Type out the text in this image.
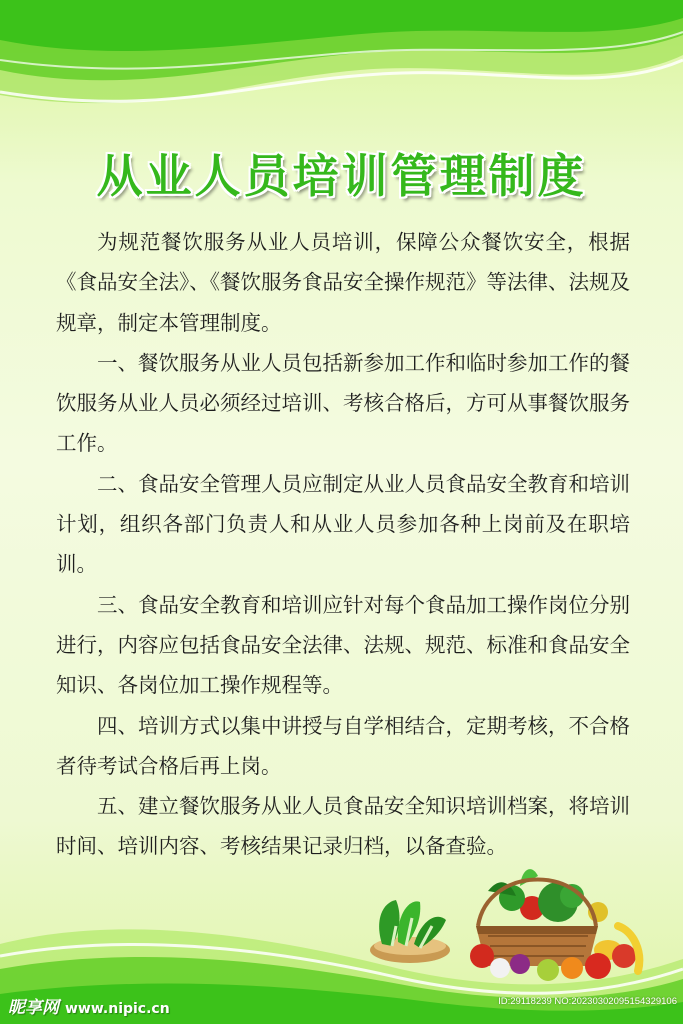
从业人员培训管理制度

为规范餐饮服务从业人员培训，保障公众餐饮安全，根据《食品安全法》、《餐饮服务食品安全操作规范》等法律、法规及规章，制定本管理制度。

一、餐饮服务从业人员包括新参加工作和临时参加工作的餐饮服务从业人员必须经过培训、考核合格后，方可从事餐饮服务工作。

二、食品安全管理人员应制定从业人员食品安全教育和培训计划，组织各部门负责人和从业人员参加各种上岗前及在职培训。

三、食品安全教育和培训应针对每个食品加工操作岗位分别进行，内容应包括食品安全法律、法规、规范、标准和食品安全知识、各岗位加工操作规程等。

四、培训方式以集中讲授与自学相结合，定期考核，不合格者待考试合格后再上岗。

五、建立餐饮服务从业人员食品安全知识培训档案，将培训时间、培训内容、考核结果记录归档，以备查验。

昵享网 www.nipic.cn	ID:29118239 NO:20230302095154329106
